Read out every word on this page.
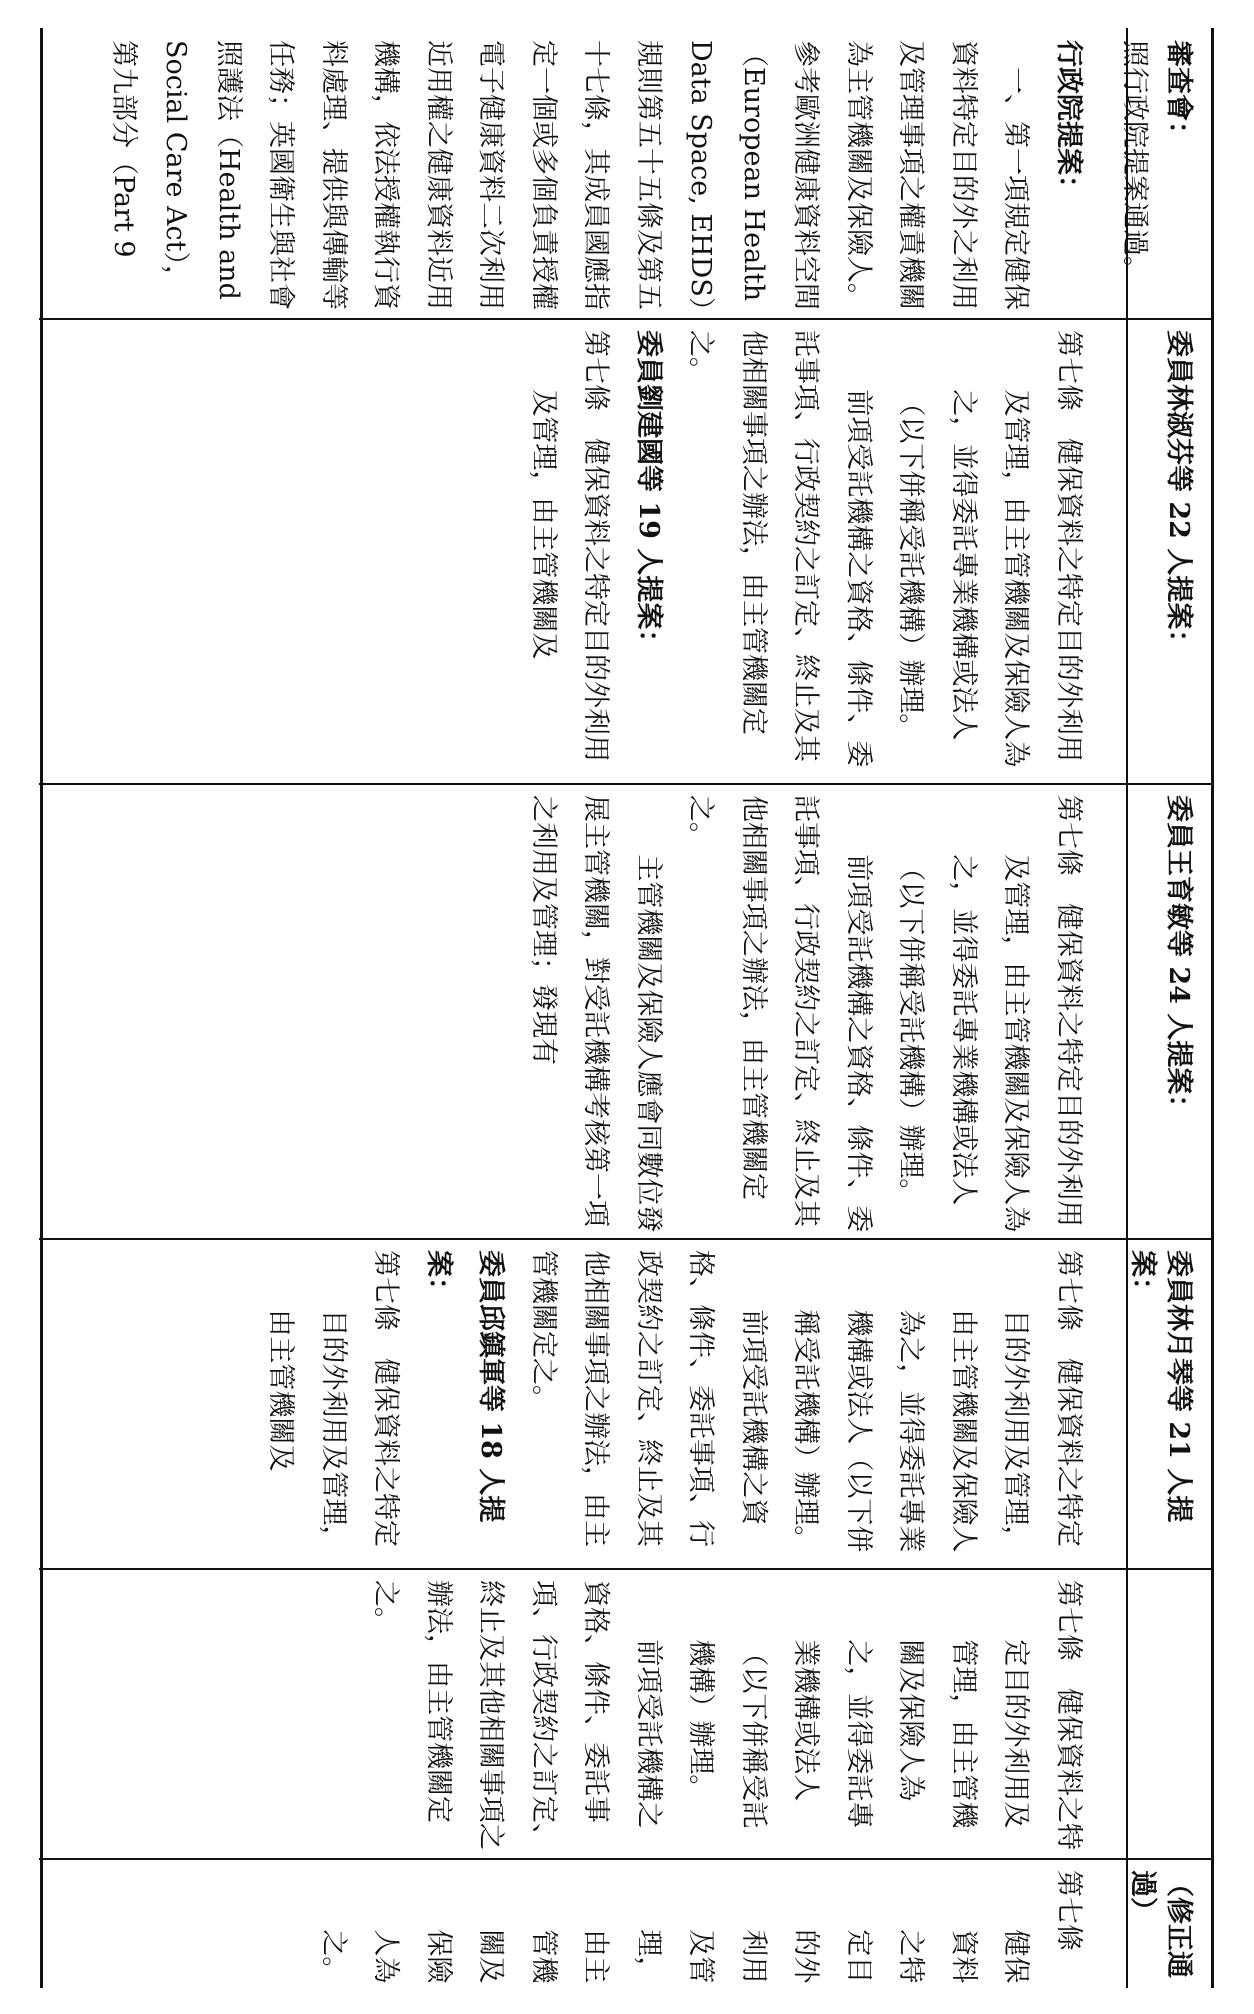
審查會：
照行政院提案通過。

行政院提案：

一、第一項規定健保資料特定目的外之利用及管理事項之權責機關為主管機關及保險人。參考歐洲健康資料空間（European Health Data Space, EHDS）規則第五十五條及第五十七條，其成員國應指定一個或多個負責授權電子健康資料二次利用近用權之健康資料近用機構，依法授權執行資料處理、提供與傳輸等任務；英國衛生與社會照護法（Health and Social Care Act），第九部分（Part 9

委員林淑芬等 22 人提案：

第七條　健保資料之特定目的外利用及管理，由主管機關及保險人為之，並得委託專業機構或法人（以下併稱受託機構）辦理。

前項受託機構之資格、條件、委託事項、行政契約之訂定、終止及其他相關事項之辦法，由主管機關定之。

委員劉建國等 19 人提案：

第七條　健保資料之特定目的外利用及管理，由主管機關及

委員王育敏等 24 人提案：

第七條　健保資料之特定目的外利用及管理，由主管機關及保險人為之，並得委託專業機構或法人（以下併稱受託機構）辦理。

前項受託機構之資格、條件、委託事項、行政契約之訂定、終止及其他相關事項之辦法，由主管機關定之。

主管機關及保險人應會同數位發展主管機關，對受託機構考核第一項之利用及管理；發現有

委員林月琴等 21 人提案：

第七條　健保資料之特定目的外利用及管理，由主管機關及保險人為之，並得委託專業機構或法人（以下併稱受託機構）辦理。

前項受託機構之資格、條件、委託事項、行政契約之訂定、終止及其他相關事項之辦法，由主管機關定之。

委員邱鎮軍等 18 人提案：

第七條　健保資料之特定目的外利用及管理，由主管機關及

第七條　健保資料之特定目的外利用及管理，由主管機關及保險人為之，並得委託專業機構或法人（以下併稱受託機構）辦理。

前項受託機構之資格、條件、委託事項、行政契約之訂定、終止及其他相關事項之辦法，由主管機關定之。

（修正通過）

第七條　健保資料之特定目的外利用及管理，由主管機關及保險人為之。
